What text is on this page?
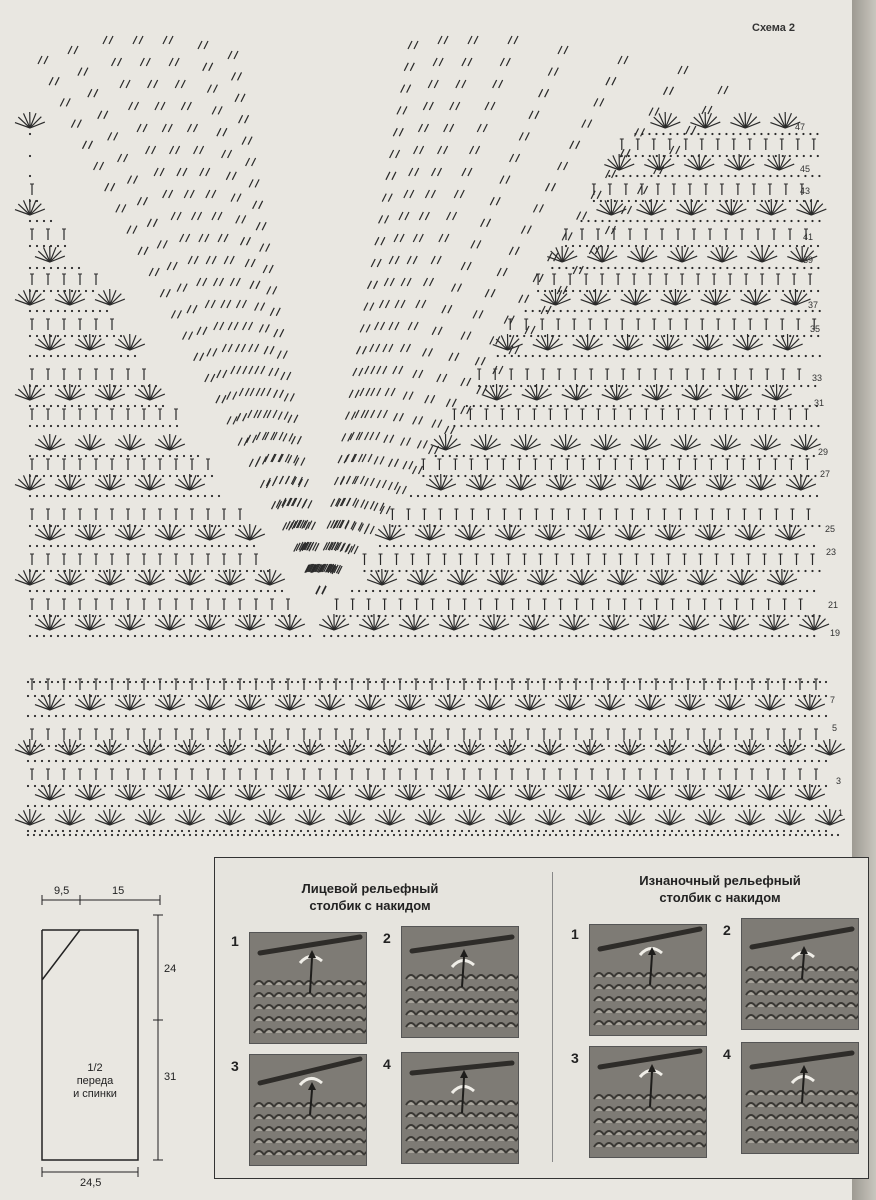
Схема 2
47
45
43
41
39
37
35
33
31
29
27
25
23
21
19
7
5
3
1
9,5	15
24
31
24,5
1/2
переда
и спинки
Лицевой рельефный
столбик с накидом
Изнаночный рельефный
столбик с накидом
1	2
3	4
1	2
3	4
